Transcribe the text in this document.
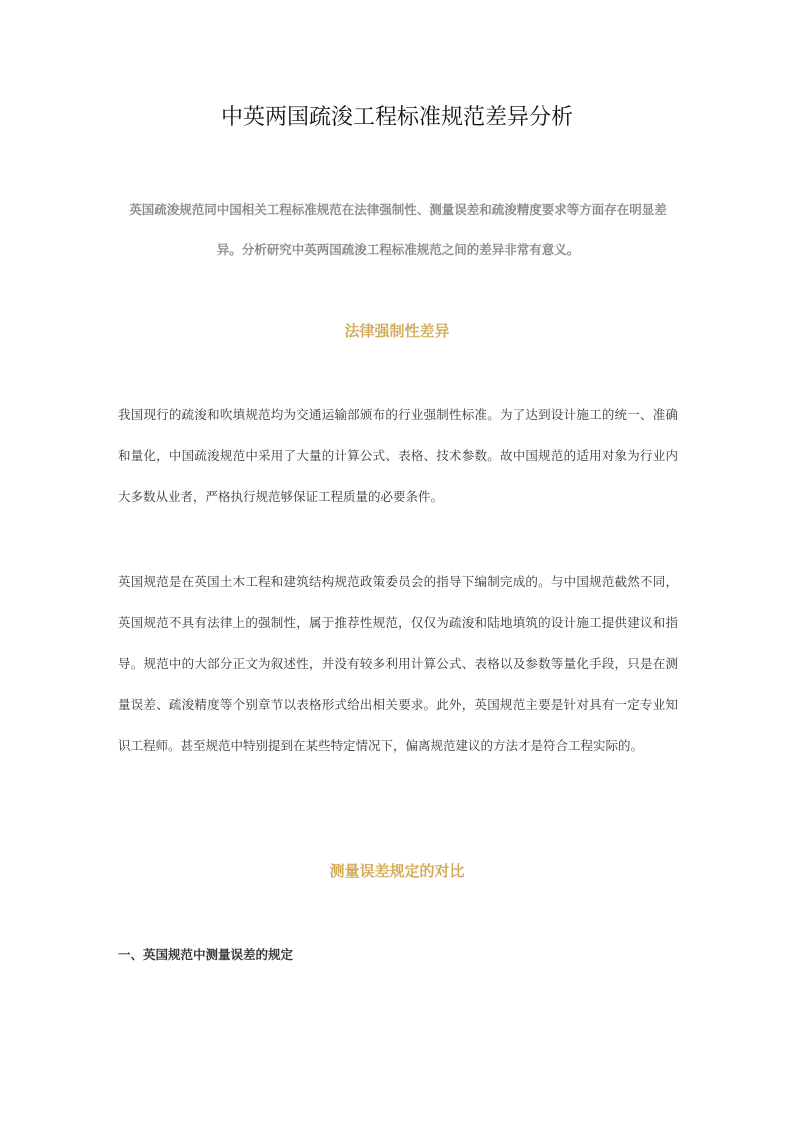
中英两国疏浚工程标准规范差异分析

英国疏浚规范同中国相关工程标准规范在法律强制性、测量误差和疏浚精度要求等方面存在明显差异。分析研究中英两国疏浚工程标准规范之间的差异非常有意义。

法律强制性差异

我国现行的疏浚和吹填规范均为交通运输部颁布的行业强制性标准。为了达到设计施工的统一、准确和量化，中国疏浚规范中采用了大量的计算公式、表格、技术参数。故中国规范的适用对象为行业内大多数从业者，严格执行规范够保证工程质量的必要条件。

英国规范是在英国土木工程和建筑结构规范政策委员会的指导下编制完成的。与中国规范截然不同，英国规范不具有法律上的强制性，属于推荐性规范，仅仅为疏浚和陆地填筑的设计施工提供建议和指导。规范中的大部分正文为叙述性，并没有较多利用计算公式、表格以及参数等量化手段，只是在测量误差、疏浚精度等个别章节以表格形式给出相关要求。此外，英国规范主要是针对具有一定专业知识工程师。甚至规范中特别提到在某些特定情况下，偏离规范建议的方法才是符合工程实际的。

测量误差规定的对比
一、英国规范中测量误差的规定
